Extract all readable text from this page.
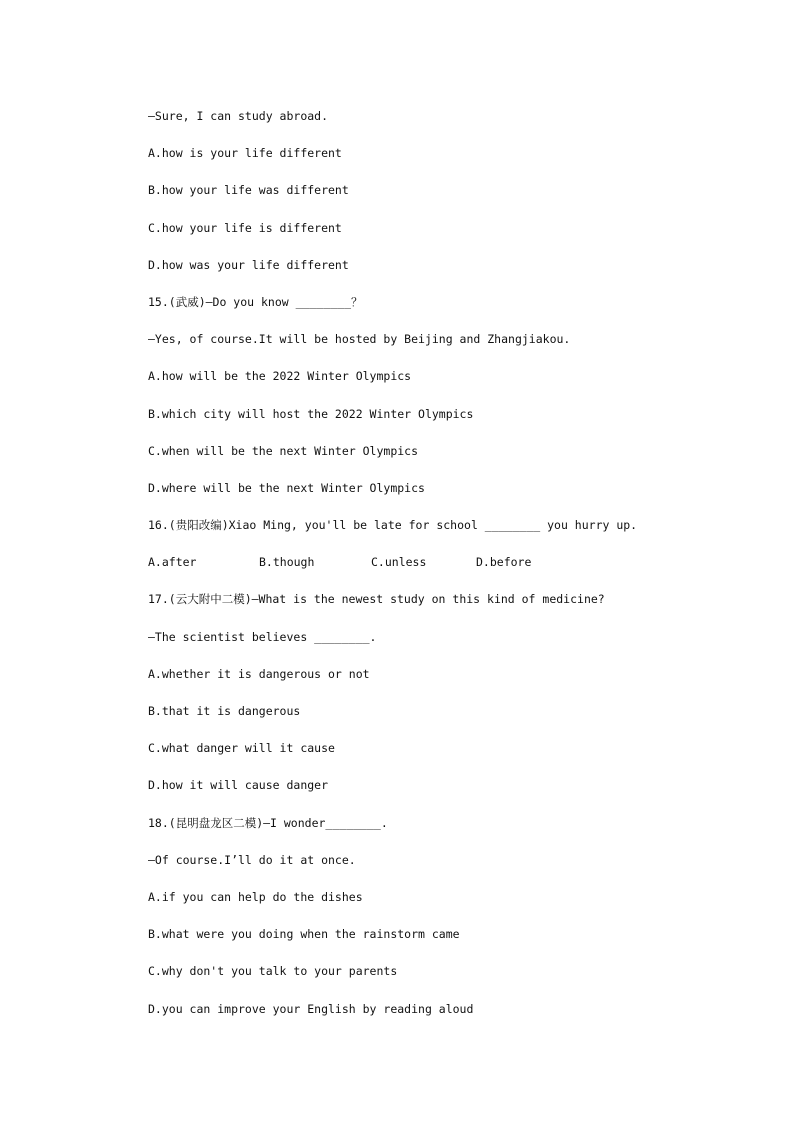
—Sure, I can study abroad.
A.how is your life different
B.how your life was different
C.how your life is different
D.how was your life different
15.(武威)—Do you know ________？
—Yes, of course.It will be hosted by Beijing and Zhangjiakou.
A.how will be the 2022 Winter Olympics
B.which city will host the 2022 Winter Olympics
C.when will be the next Winter Olympics
D.where will be the next Winter Olympics
16.(贵阳改编)Xiao Ming, you'll be late for school ________ you hurry up.
A.after	B.though	C.unless	D.before
17.(云大附中二模)—What is the newest study on this kind of medicine?
—The scientist believes ________.
A.whether it is dangerous or not
B.that it is dangerous
C.what danger will it cause
D.how it will cause danger
18.(昆明盘龙区二模)—I wonder________.
—Of course.I’ll do it at once.
A.if you can help do the dishes
B.what were you doing when the rainstorm came
C.why don't you talk to your parents
D.you can improve your English by reading aloud
